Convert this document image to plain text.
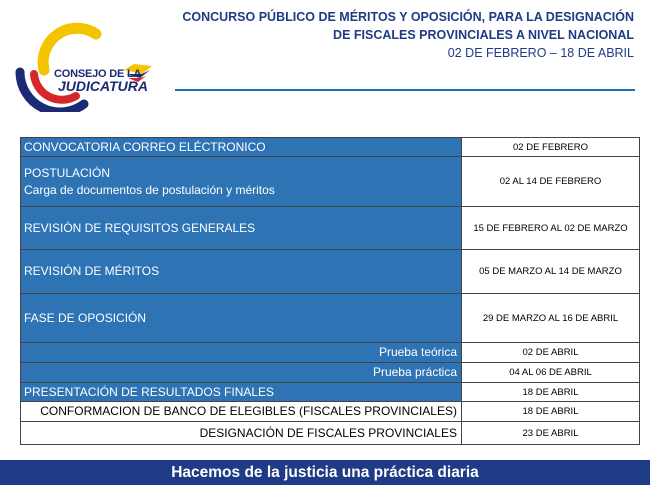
CONSEJO DE LA
JUDICATURA
CONCURSO PÚBLICO DE MÉRITOS Y OPOSICIÓN, PARA LA DESIGNACIÓN
DE FISCALES PROVINCIALES A NIVEL NACIONAL
02 DE FEBRERO – 18 DE ABRIL
CONVOCATORIA CORREO ELÉCTRONICO	02 DE FEBRERO

POSTULACIÓN
Carga de documentos de postulación y méritos	02 AL 14 DE FEBRERO
REVISIÓN DE REQUISITOS GENERALES	15 DE FEBRERO AL 02 DE MARZO
REVISIÓN DE MÉRITOS	05 DE MARZO AL 14 DE MARZO
FASE DE OPOSICIÓN	29 DE MARZO AL 16 DE ABRIL
Prueba teórica	02 DE ABRIL
Prueba práctica	04 AL 06 DE ABRIL
PRESENTACIÓN DE RESULTADOS FINALES	18 DE ABRIL
CONFORMACION DE BANCO DE ELEGIBLES (FISCALES PROVINCIALES)	18 DE ABRIL
DESIGNACIÓN DE FISCALES PROVINCIALES	23 DE ABRIL
Hacemos de la justicia una práctica diaria
